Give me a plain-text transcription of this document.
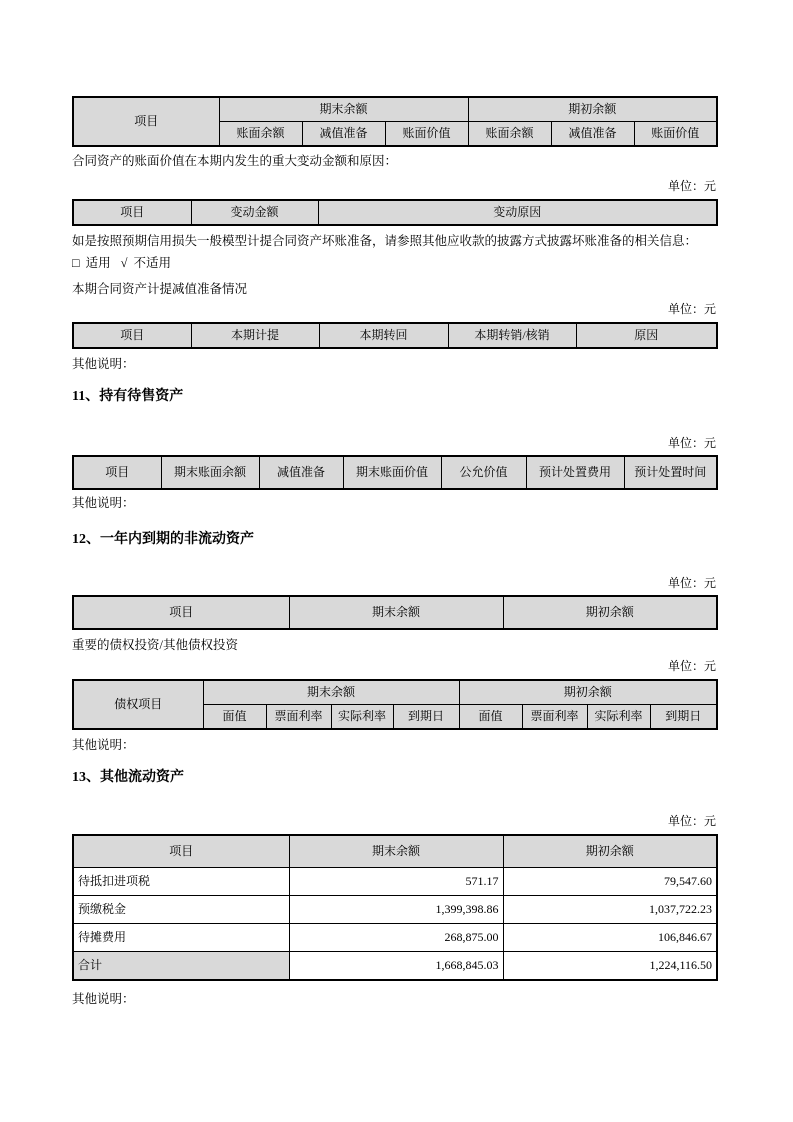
项目	期末余额			期初余额		
	账面余额	减值准备	账面价值	账面余额	减值准备	账面价值

合同资产的账面价值在本期内发生的重大变动金额和原因：

单位：元
项目	变动金额	变动原因

如是按照预期信用损失一般模型计提合同资产坏账准备，请参照其他应收款的披露方式披露坏账准备的相关信息：

□ 适用 √ 不适用

本期合同资产计提减值准备情况

单位：元
项目	本期计提	本期转回	本期转销/核销	原因

其他说明：

11、持有待售资产
单位：元
项目	期末账面余额	减值准备	期末账面价值	公允价值	预计处置费用	预计处置时间

其他说明：

12、一年内到期的非流动资产
单位：元
项目	期末余额	期初余额

重要的债权投资/其他债权投资

单位：元
债权项目	期末余额				期初余额			
	面值	票面利率	实际利率	到期日	面值	票面利率	实际利率	到期日

其他说明：

13、其他流动资产
单位：元
项目	期末余额	期初余额
待抵扣进项税	571.17	79,547.60
预缴税金	1,399,398.86	1,037,722.23
待摊费用	268,875.00	106,846.67
合计	1,668,845.03	1,224,116.50

其他说明：
